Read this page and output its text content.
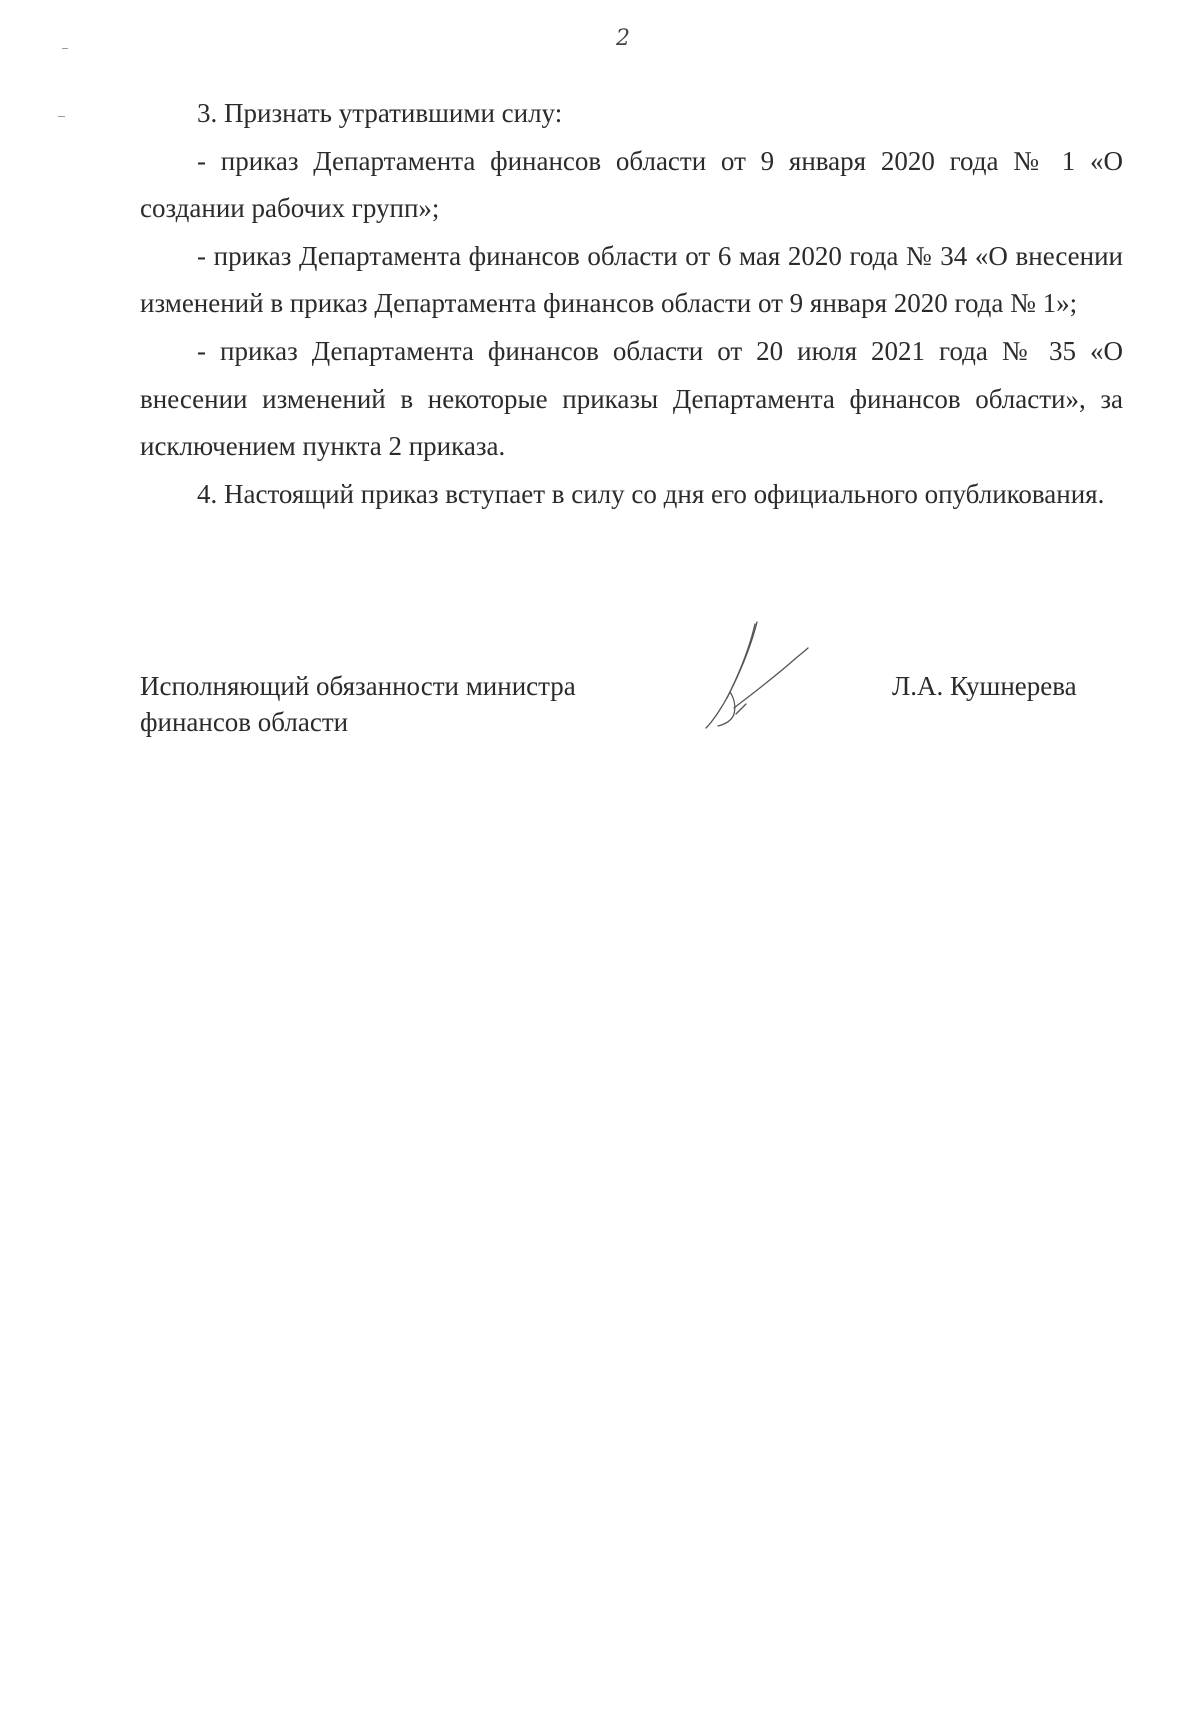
2

3. Признать утратившими силу:

- приказ Департамента финансов области от 9 января 2020 года № 1 «О создании рабочих групп»;

- приказ Департамента финансов области от 6 мая 2020 года № 34 «О внесении изменений в приказ Департамента финансов области от 9 января 2020 года № 1»;

- приказ Департамента финансов области от 20 июля 2021 года № 35 «О внесении изменений в некоторые приказы Департамента финансов области», за исключением пункта 2 приказа.

4. Настоящий приказ вступает в силу со дня его официального опубликования.

Исполняющий обязанности министра
финансов области
Л.А. Кушнерева
